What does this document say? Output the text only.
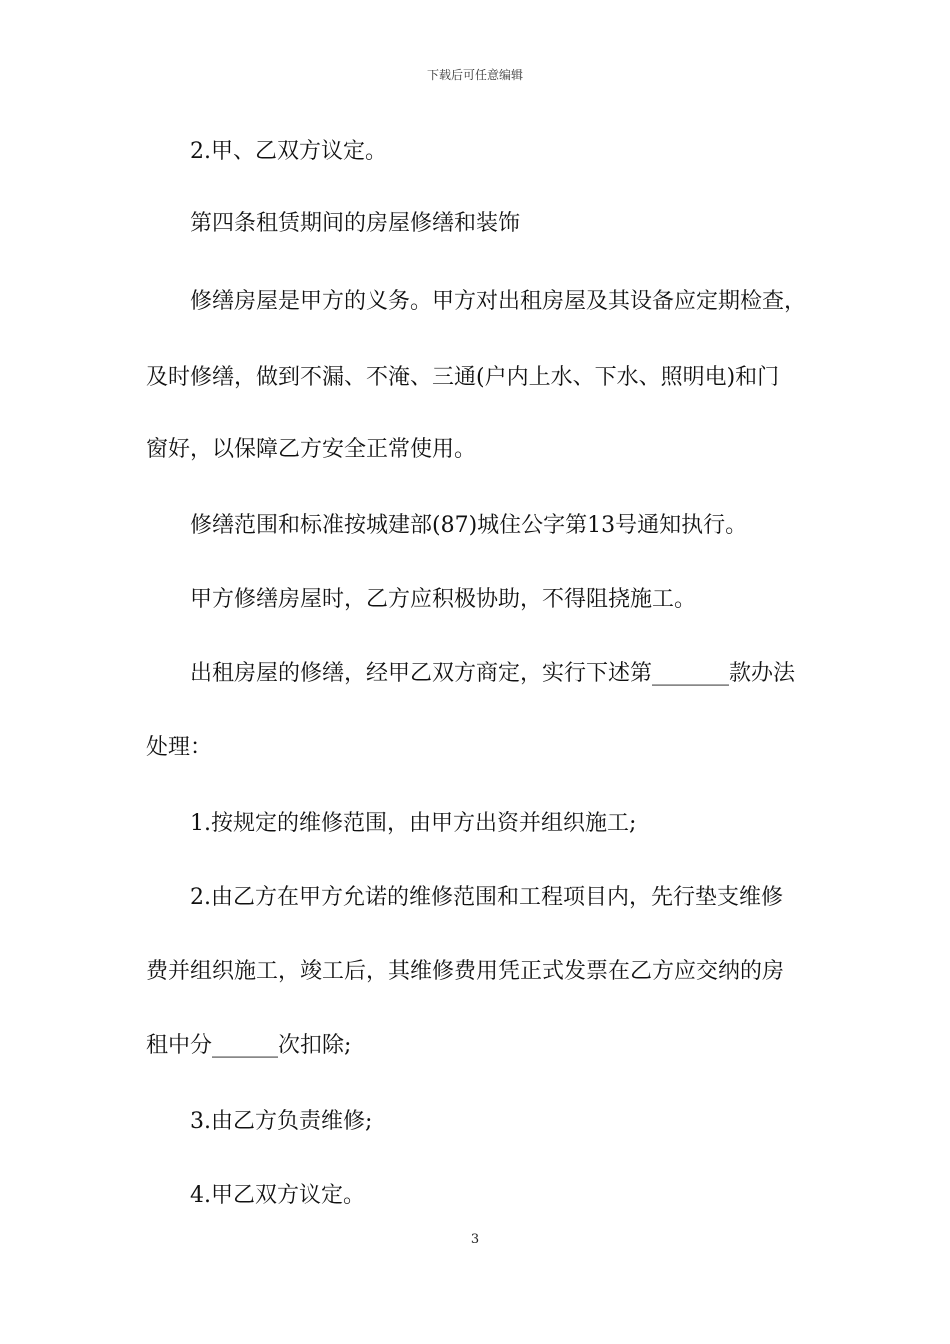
下载后可任意编辑
2.甲、乙双方议定。
第四条租赁期间的房屋修缮和装饰
修缮房屋是甲方的义务。甲方对出租房屋及其设备应定期检查，
及时修缮，做到不漏、不淹、三通(户内上水、下水、照明电)和门
窗好，以保障乙方安全正常使用。
修缮范围和标准按城建部(87)城住公字第13号通知执行。
甲方修缮房屋时，乙方应积极协助，不得阻挠施工。
出租房屋的修缮，经甲乙双方商定，实行下述第_______款办法
处理：
1.按规定的维修范围，由甲方出资并组织施工;
2.由乙方在甲方允诺的维修范围和工程项目内，先行垫支维修
费并组织施工，竣工后，其维修费用凭正式发票在乙方应交纳的房
租中分______次扣除;
3.由乙方负责维修;
4.甲乙双方议定。
3
